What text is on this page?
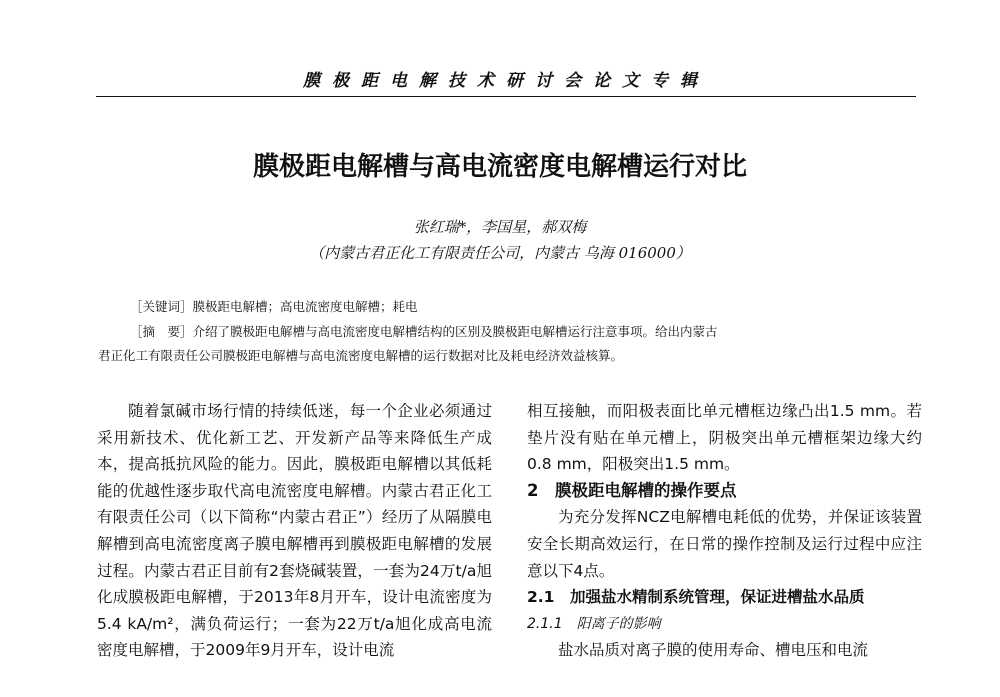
膜极距电解技术研讨会论文专辑
膜极距电解槽与高电流密度电解槽运行对比
张红瑞*，李国星，郝双梅
（内蒙古君正化工有限责任公司，内蒙古 乌海 016000）
［关键词］膜极距电解槽；高电流密度电解槽；耗电
［摘　要］介绍了膜极距电解槽与高电流密度电解槽结构的区别及膜极距电解槽运行注意事项。给出内蒙古
君正化工有限责任公司膜极距电解槽与高电流密度电解槽的运行数据对比及耗电经济效益核算。

随着氯碱市场行情的持续低迷，每一个企业必须通过采用新技术、优化新工艺、开发新产品等来降低生产成本，提高抵抗风险的能力。因此，膜极距电解槽以其低耗能的优越性逐步取代高电流密度电解槽。内蒙古君正化工有限责任公司（以下简称“内蒙古君正”）经历了从隔膜电解槽到高电流密度离子膜电解槽再到膜极距电解槽的发展过程。内蒙古君正目前有2套烧碱装置，一套为24万t/a旭化成膜极距电解槽，于2013年8月开车，设计电流密度为5.4 kA/m²，满负荷运行；一套为22万t/a旭化成高电流密度电解槽，于2009年9月开车，设计电流

相互接触，而阳极表面比单元槽框边缘凸出1.5 mm。若垫片没有贴在单元槽上，阴极突出单元槽框架边缘大约0.8 mm，阳极突出1.5 mm。

2　膜极距电解槽的操作要点

为充分发挥NCZ电解槽电耗低的优势，并保证该装置安全长期高效运行，在日常的操作控制及运行过程中应注意以下4点。

2.1　加强盐水精制系统管理，保证进槽盐水品质

2.1.1　阳离子的影响

盐水品质对离子膜的使用寿命、槽电压和电流
